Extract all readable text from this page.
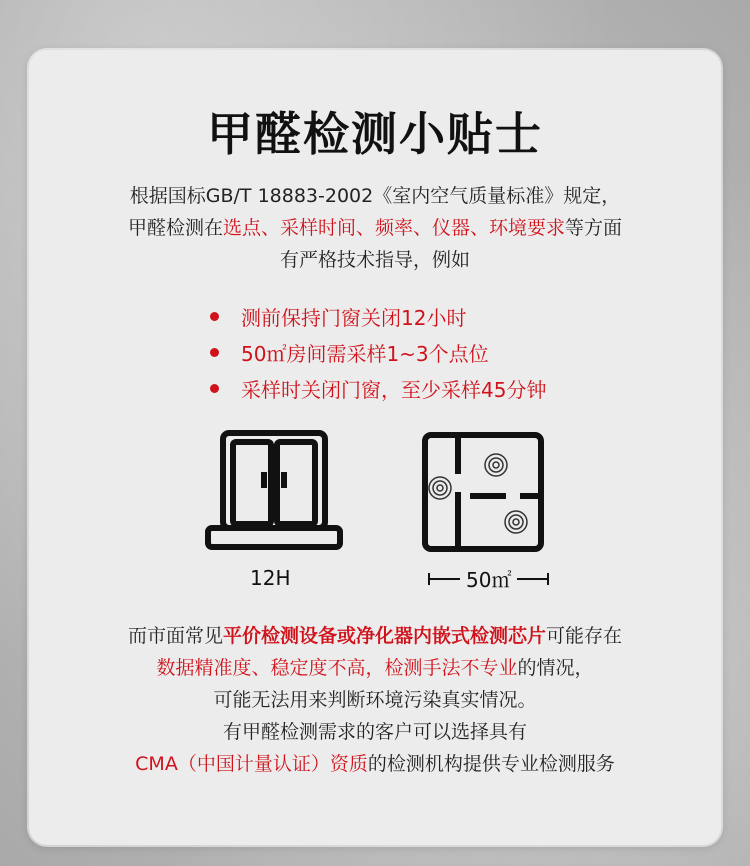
甲醛检测小贴士
根据国标GB/T 18883-2002《室内空气质量标准》规定，
甲醛检测在选点、采样时间、频率、仪器、环境要求等方面
有严格技术指导，例如
测前保持门窗关闭12小时
50㎡房间需采样1~3个点位
采样时关闭门窗，至少采样45分钟
12H	50㎡
而市面常见平价检测设备或净化器内嵌式检测芯片可能存在
数据精准度、稳定度不高，检测手法不专业的情况，
可能无法用来判断环境污染真实情况。
有甲醛检测需求的客户可以选择具有
CMA（中国计量认证）资质的检测机构提供专业检测服务
